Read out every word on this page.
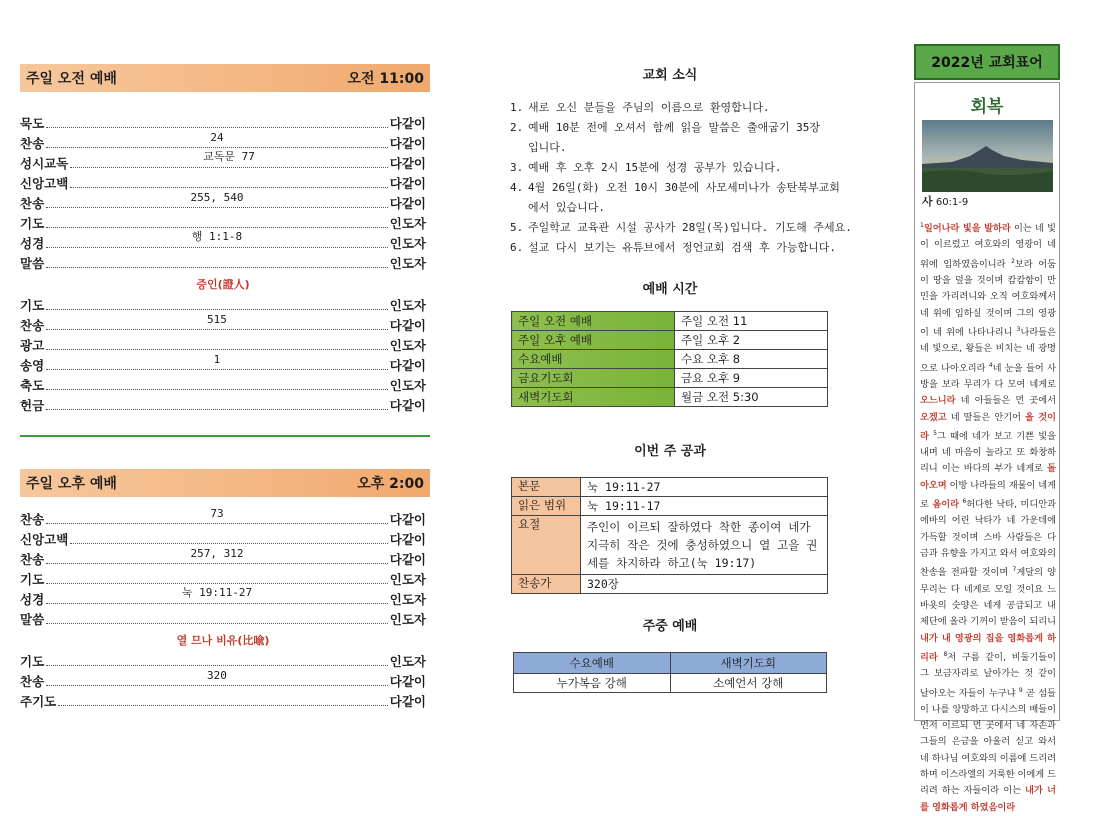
주일 오전 예배	오전 11:00
묵도	다같이
찬송	24	다같이
성시교독	교독문 77	다같이
신앙고백	다같이
찬송	255, 540	다같이
기도	인도자
성경	행 1:1-8	인도자
말씀	인도자
증인(證人)
기도	인도자
찬송	515	다같이
광고	인도자
송영	1	다같이
축도	인도자
헌금	다같이
주일 오후 예배	오후 2:00
찬송	73	다같이
신앙고백	다같이
찬송	257, 312	다같이
기도	인도자
성경	눅 19:11-27	인도자
말씀	인도자
열 므나 비유(比喩)
기도	인도자
찬송	320	다같이
주기도	다같이
교회 소식
1. 새로 오신 분들을 주님의 이름으로 환영합니다.
2. 예배 10분 전에 오셔서 함께 읽을 말씀은 출애굽기 35장
입니다.
3. 예배 후 오후 2시 15분에 성경 공부가 있습니다.
4. 4월 26일(화) 오전 10시 30분에 사모세미나가 송탄북부교회
에서 있습니다.
5. 주일학교 교육관 시설 공사가 28일(목)입니다. 기도해 주세요.
6. 설교 다시 보기는 유튜브에서 정언교회 검색 후 가능합니다.
예배 시간
주일 오전 예배	주일 오전 11
주일 오후 예배	주일 오후 2
수요예배	수요 오후 8
금요기도회	금요 오후 9
새벽기도회	월금 오전 5:30
이번 주 공과
본문	눅 19:11-27
읽은 범위	눅 19:11-17
요절	주인이 이르되 잘하였다 착한 종이여 네가 지극히 작은 것에 충성하였으니 열 고을 권세를 차지하라 하고(눅 19:17)
찬송가	320장
주중 예배
수요예배	새벽기도회
누가복음 강해	소예언서 강해
2022년 교회표어
회복
사 60:1-9
$^1$일어나라 빛을 발하라 이는 네 빛이 이르렀고 여호와의 영광이 네 위에 임하였음이니라 $^2$보라 어둠이 땅을 덮을 것이며 캄캄함이 만민을 가리려니와 오직 여호와께서 네 위에 임하실 것이며 그의 영광이 네 위에 나타나리니 $^3$나라들은 네 빛으로, 왕들은 비치는 네 광명으로 나아오리라 $^4$네 눈을 들어 사방을 보라 무리가 다 모여 네게로 오느니라 네 아들들은 먼 곳에서 오겠고 네 딸들은 안기어 올 것이라 $^5$그 때에 네가 보고 기쁜 빛을 내며 네 마음이 놀라고 또 화창하리니 이는 바다의 부가 네게로 돌아오며 이방 나라들의 재물이 네게로 옴이라 $^6$허다한 낙타, 미디안과 에바의 어린 낙타가 네 가운데에 가득할 것이며 스바 사람들은 다 금과 유향을 가지고 와서 여호와의 찬송을 전파할 것이며 $^7$게달의 양 무리는 다 네게로 모일 것이요 느바욧의 숫양은 네게 공급되고 내 제단에 올라 기꺼이 받음이 되리니 내가 내 영광의 집을 영화롭게 하리라 $^8$저 구름 같이, 비둘기들이 그 보금자리로 날아가는 것 같이 날아오는 자들이 누구냐 $^9$ 곧 섬들이 나를 앙망하고 다시스의 배들이 먼저 이르되 먼 곳에서 네 자손과 그들의 은금을 아울러 싣고 와서 네 하나님 여호와의 이름에 드리려 하며 이스라엘의 거룩한 이에게 드리려 하는 자들이라 이는 내가 너를 영화롭게 하였음이라
